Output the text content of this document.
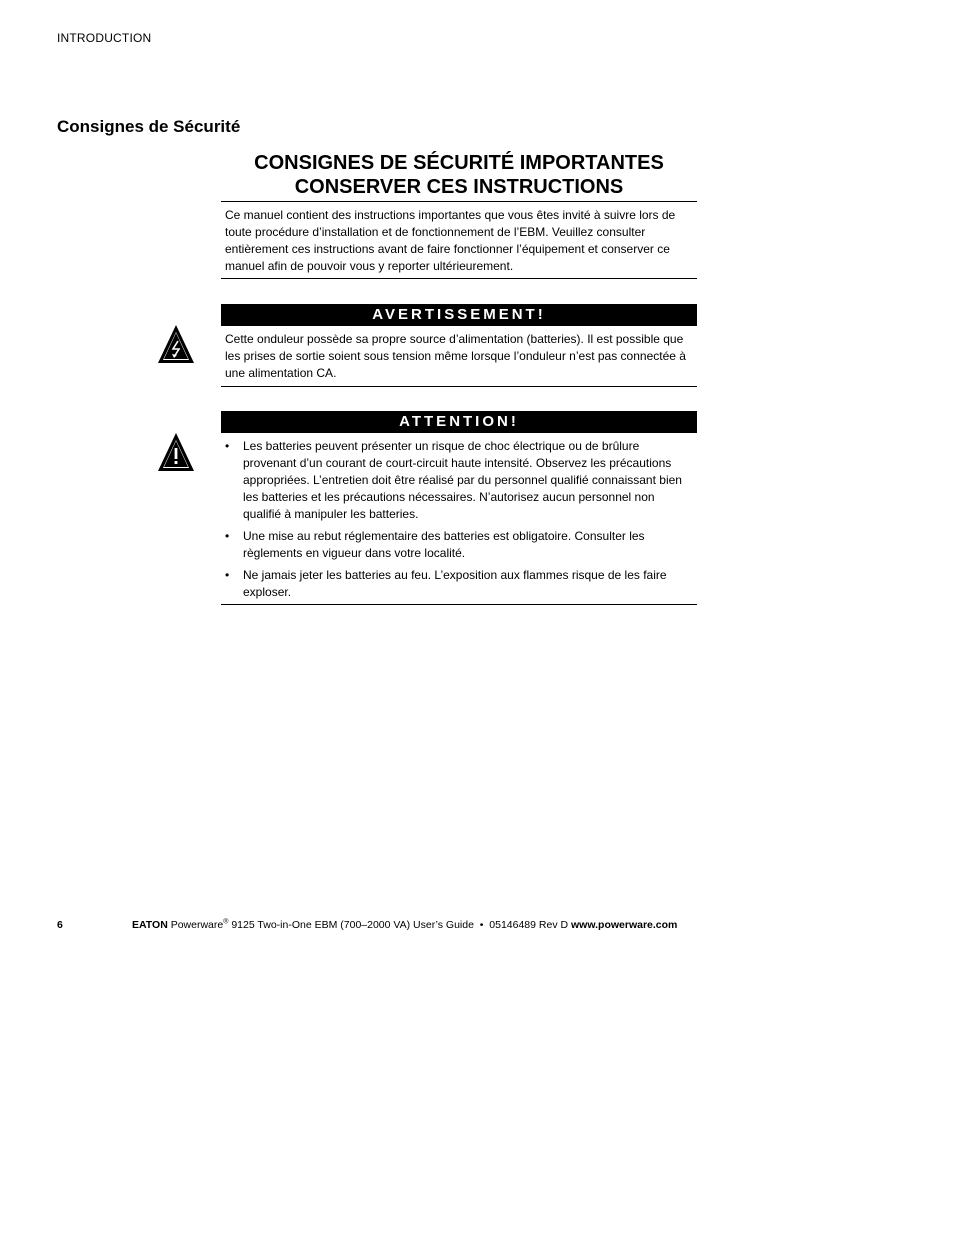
INTRODUCTION
Consignes de Sécurité
CONSIGNES DE SÉCURITÉ IMPORTANTES
CONSERVER CES INSTRUCTIONS
Ce manuel contient des instructions importantes que vous êtes invité à suivre lors de toute procédure d’installation et de fonctionnement de l’EBM. Veuillez consulter entièrement ces instructions avant de faire fonctionner l’équipement et conserver ce manuel afin de pouvoir vous y reporter ultérieurement.
AVERTISSEMENT!
Cette onduleur possède sa propre source d’alimentation (batteries). Il est possible que les prises de sortie soient sous tension même lorsque l’onduleur n’est pas connectée à une alimentation CA.
ATTENTION!
• Les batteries peuvent présenter un risque de choc électrique ou de brûlure provenant d’un courant de court-circuit haute intensité. Observez les précautions appropriées. L’entretien doit être réalisé par du personnel qualifié connaissant bien les batteries et les précautions nécessaires. N’autorisez aucun personnel non qualifié à manipuler les batteries.
• Une mise au rebut réglementaire des batteries est obligatoire. Consulter les règlements en vigueur dans votre localité.
• Ne jamais jeter les batteries au feu. L’exposition aux flammes risque de les faire exploser.
6	EATON Powerware® 9125 Two-in-One EBM (700–2000 VA) User’s Guide  •  05146489 Rev D www.powerware.com
